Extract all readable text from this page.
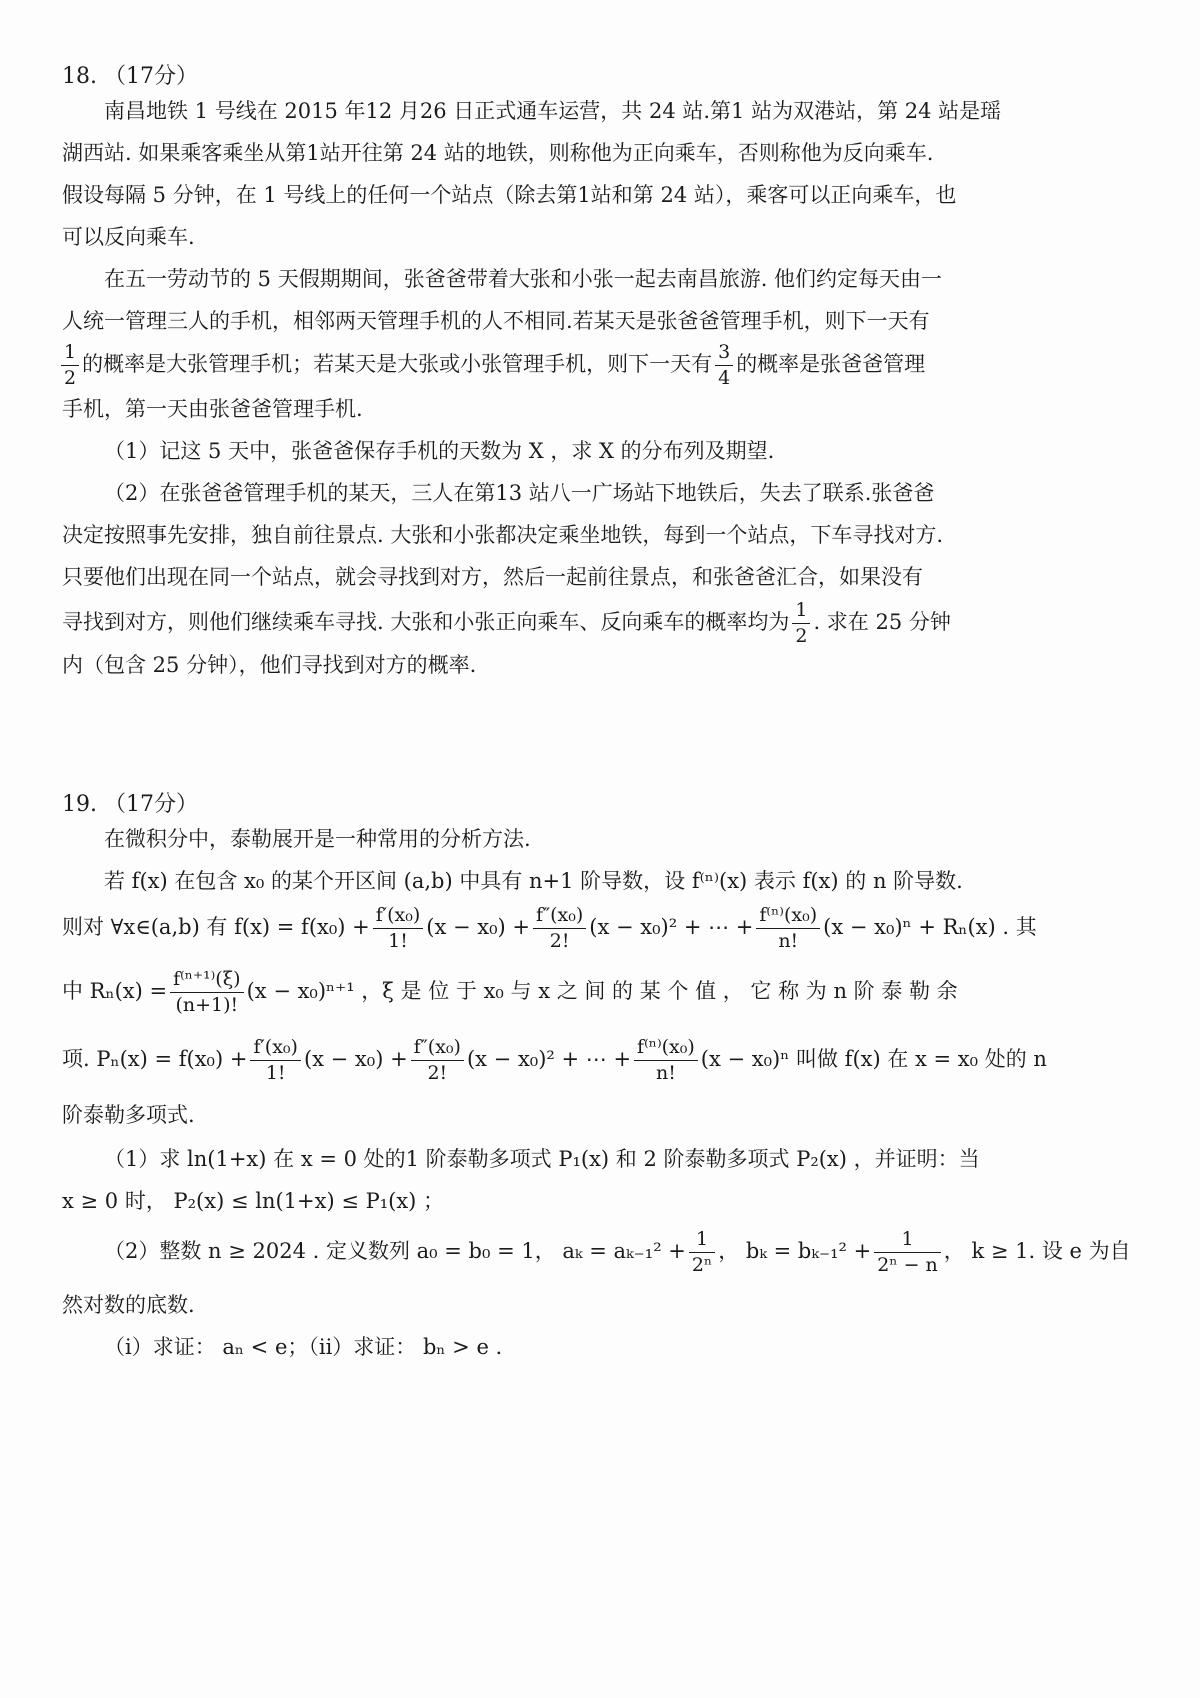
18. （17分）
南昌地铁 1 号线在 2015 年12 月26 日正式通车运营，共 24 站.第1 站为双港站，第 24 站是瑶
湖西站. 如果乘客乘坐从第1站开往第 24 站的地铁，则称他为正向乘车，否则称他为反向乘车.
假设每隔 5 分钟，在 1 号线上的任何一个站点（除去第1站和第 24 站），乘客可以正向乘车，也
可以反向乘车.
在五一劳动节的 5 天假期期间，张爸爸带着大张和小张一起去南昌旅游. 他们约定每天由一
人统一管理三人的手机，相邻两天管理手机的人不相同.若某天是张爸爸管理手机，则下一天有
$\frac{1}{2}$ 的概率是大张管理手机；若某天是大张或小张管理手机，则下一天有 $\frac{3}{4}$ 的概率是张爸爸管理
手机，第一天由张爸爸管理手机.
（1）记这 5 天中，张爸爸保存手机的天数为 X ，求 X 的分布列及期望.
（2）在张爸爸管理手机的某天，三人在第13 站八一广场站下地铁后，失去了联系.张爸爸
决定按照事先安排，独自前往景点. 大张和小张都决定乘坐地铁，每到一个站点，下车寻找对方.
只要他们出现在同一个站点，就会寻找到对方，然后一起前往景点，和张爸爸汇合，如果没有
寻找到对方，则他们继续乘车寻找. 大张和小张正向乘车、反向乘车的概率均为 $\frac{1}{2}$ . 求在 25 分钟
内（包含 25 分钟），他们寻找到对方的概率.
19. （17分）
在微积分中，泰勒展开是一种常用的分析方法.
若 f(x) 在包含 x₀ 的某个开区间 (a,b) 中具有 n+1 阶导数，设 f⁽ⁿ⁾(x) 表示 f(x) 的 n 阶导数.
则对 ∀x∈(a,b) 有 $f(x) = f(x_0) + \frac{\text{f′(x₀)}}{1!} (x - x_0) + \frac{\text{f″(x₀)}}{2!} (x - x_0)^2$ + ⋯ + $\frac{\text{f⁽ⁿ⁾(x₀)}}{n!} (x - x_0)^n + R_n(x)$ . 其
中 $R_n(x) = \frac{\text{f⁽ⁿ⁺¹⁾(ξ)}}{(n+1)!} (x - x_0)^{n+1}$ ，ξ 是 位 于 x₀ 与 x 之 间 的 某 个 值 ， 它 称 为 n 阶 泰 勒 余
项. $P_n(x) = f(x_0) + \frac{\text{f′(x₀)}}{1!} (x - x_0) + \frac{\text{f″(x₀)}}{2!} (x - x_0)^2$ + ⋯ + $\frac{\text{f⁽ⁿ⁾(x₀)}}{n!} (x - x_0)^n$ 叫做 f(x) 在 x = x₀ 处的 n
阶泰勒多项式.
（1）求 ln(1+x) 在 x = 0 处的1 阶泰勒多项式 P₁(x) 和 2 阶泰勒多项式 P₂(x) ，并证明：当
x ≥ 0 时， P₂(x) ≤ ln(1+x) ≤ P₁(x) ；
（2）整数 n ≥ 2024 . 定义数列 a₀ = b₀ = 1， $a_k = a_{k-1}^2 + \frac{1}{\text{2ⁿ}}$ ， $b_k = b_{k-1}^2 + \frac{1}{\text{2ⁿ − n}}$ ， k ≥ 1. 设 e 为自
然对数的底数.
（i）求证： aₙ < e；（ii）求证： bₙ > e .
